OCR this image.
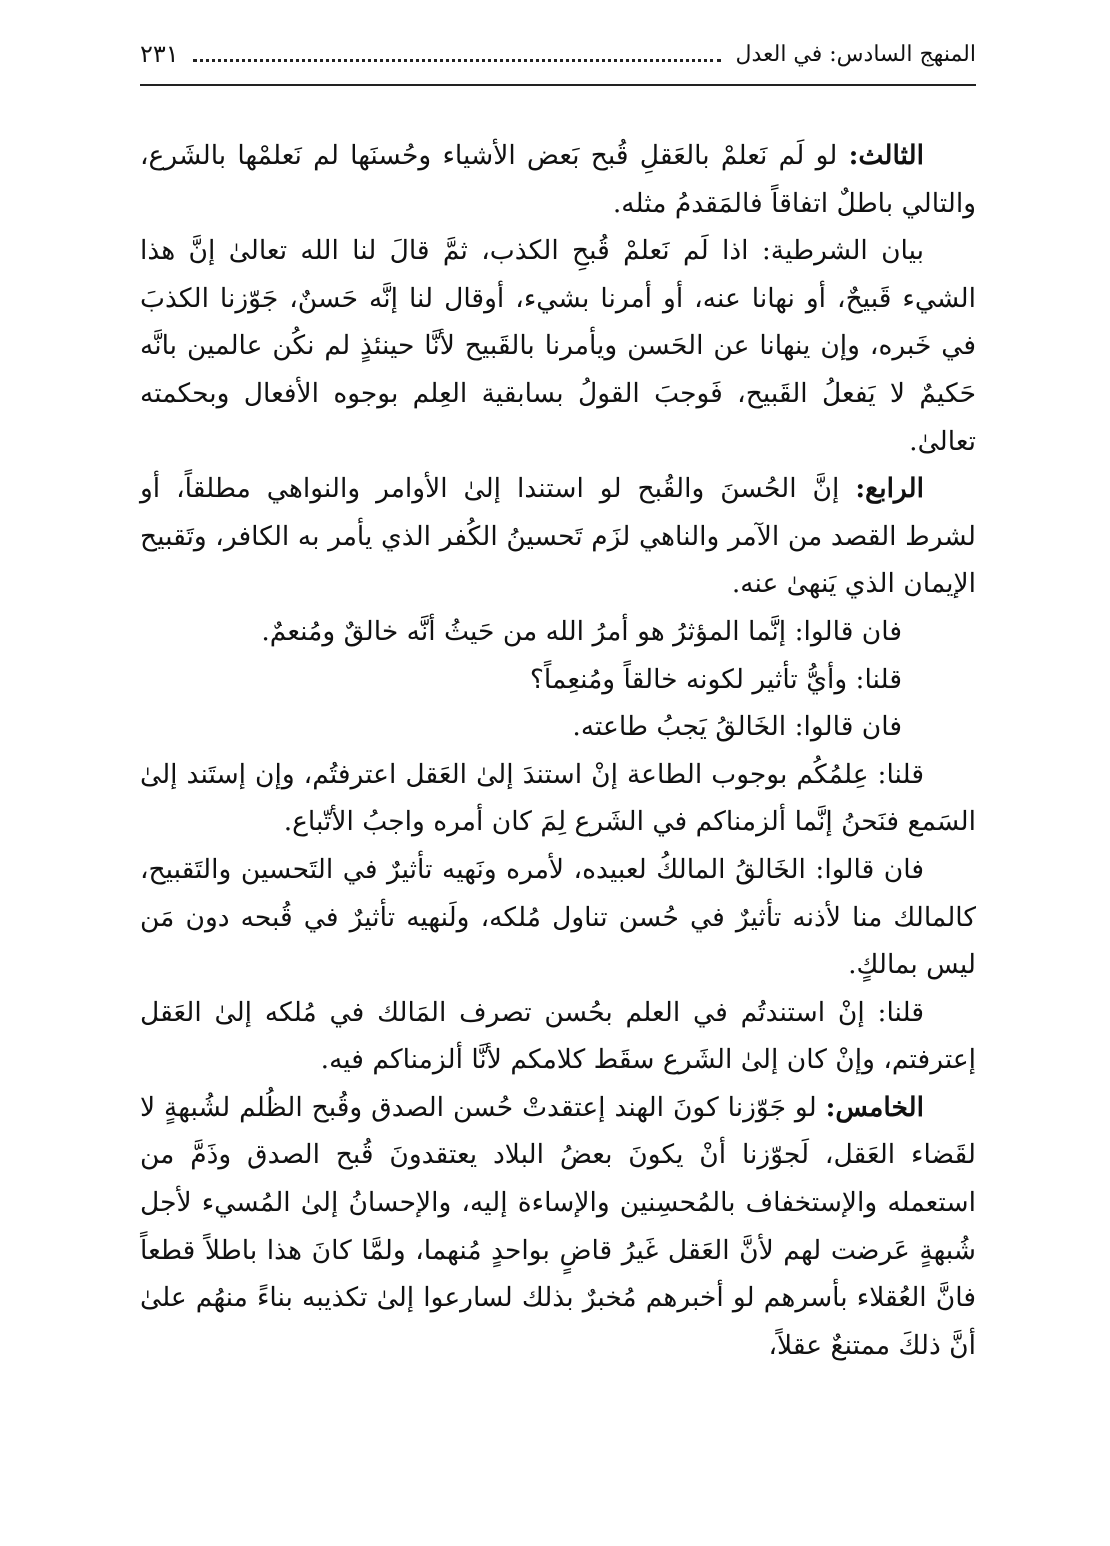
المنهج السادس: في العدل
٢٣١

الثالث: لو لَم نَعلمْ بالعَقلِ قُبح بَعض الأشياء وحُسنَها لم نَعلمْها بالشَرع، والتالي باطلٌ اتفاقاً فالمَقدمُ مثله.

بيان الشرطية: اذا لَم نَعلمْ قُبحِ الكذب، ثمَّ قالَ لنا الله تعالىٰ إنَّ هذا الشيء قَبيحٌ، أو نهانا عنه، أو أمرنا بشيء، أوقال لنا إنَّه حَسنٌ، جَوّزنا الكذبَ في خَبره، وإن ينهانا عن الحَسن ويأمرنا بالقَبيح لأنَّا حينئذٍ لم نكُن عالمين بانَّه حَكيمٌ لا يَفعلُ القَبيح، فَوجبَ القولُ بسابقية العِلم بوجوه الأفعال وبحكمته تعالىٰ.

الرابع: إنَّ الحُسنَ والقُبح لو استندا إلىٰ الأوامر والنواهي مطلقاً، أو لشرط القصد من الآمر والناهي لزَم تَحسينُ الكُفر الذي يأمر به الكافر، وتَقبيح الإيمان الذي يَنهىٰ عنه.

فان قالوا: إنَّما المؤثرُ هو أمرُ الله من حَيثُ أنَّه خالقٌ ومُنعمٌ.

قلنا: وأيُّ تأثير لكونه خالقاً ومُنعِماً؟

فان قالوا: الخَالقُ يَجبُ طاعته.

قلنا: عِلمُكُم بوجوب الطاعة إنْ استندَ إلىٰ العَقل اعترفتُم، وإن إستَند إلىٰ السَمع فنَحنُ إنَّما ألزمناكم في الشَرع لِمَ كان أمره واجبُ الأتّباع.

فان قالوا: الخَالقُ المالكُ لعبيده، لأمره ونَهيه تأثيرٌ في التَحسين والتَقبيح، كالمالك منا لأذنه تأثيرٌ في حُسن تناول مُلكه، ولَنهيه تأثيرٌ في قُبحه دون مَن ليس بمالكٍ.

قلنا: إنْ استندتُم في العلم بحُسن تصرف المَالك في مُلكه إلىٰ العَقل إعترفتم، وإنْ كان إلىٰ الشَرع سقَط كلامكم لأنَّا ألزمناكم فيه.

الخامس: لو جَوّزنا كونَ الهند إعتقدتْ حُسن الصدق وقُبح الظُلم لشُبهةٍ لا لقَضاء العَقل، لَجوّزنا أنْ يكونَ بعضُ البلاد يعتقدونَ قُبح الصدق وذَمَّ من استعمله والإستخفاف بالمُحسِنين والإساءة إليه، والإحسانُ إلىٰ المُسيء لأجل شُبهةٍ عَرضت لهم لأنَّ العَقل غَيرُ قاضٍ بواحدٍ مُنهما، ولمَّا كانَ هذا باطلاً قطعاً فانَّ العُقلاء بأسرهم لو أخبرهم مُخبرٌ بذلك لسارعوا إلىٰ تكذيبه بناءً منهُم علىٰ أنَّ ذلكَ ممتنعٌ عقلاً،
